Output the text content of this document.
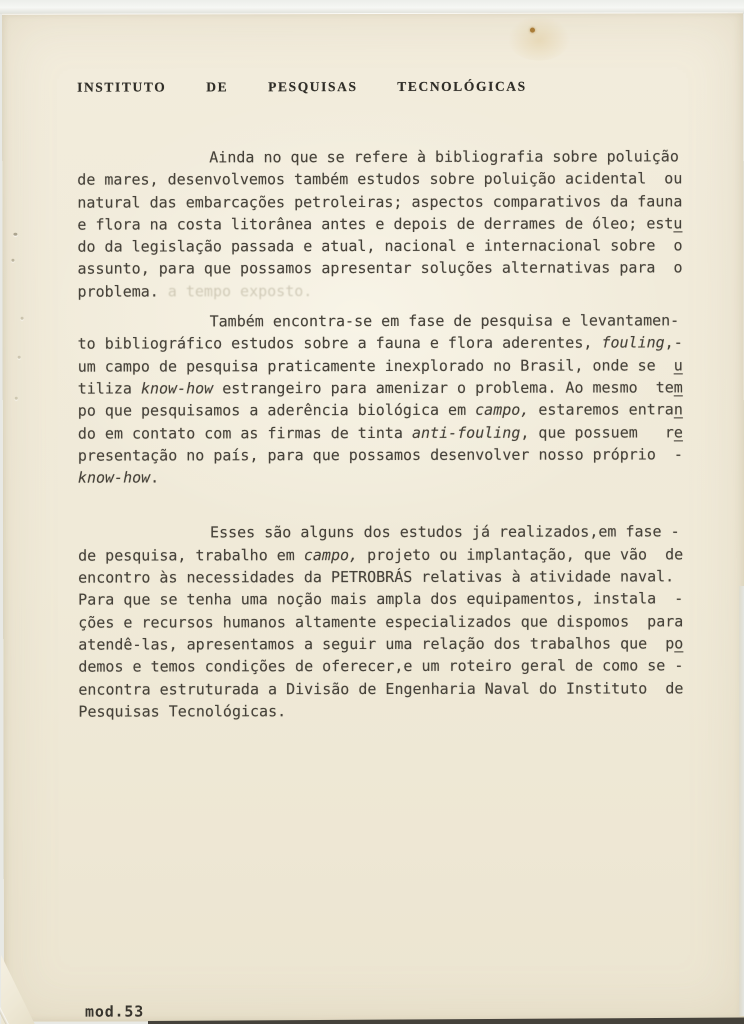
INSTITUTO  DE  PESQUISAS  TECNOLÓGICAS
Ainda no que se refere à bibliografia sobre poluição
de mares, desenvolvemos também estudos sobre poluição acidental  ou
natural das embarcações petroleiras; aspectos comparativos da fauna
e flora na costa litorânea antes e depois de derrames de óleo; estu
do da legislação passada e atual, nacional e internacional sobre  o
assunto, para que possamos apresentar soluções alternativas para  o
problema. a tempo exposto.
Também encontra-se em fase de pesquisa e levantamen-
to bibliográfico estudos sobre a fauna e flora aderentes, fouling,-
um campo de pesquisa praticamente inexplorado no Brasil, onde se  u
tiliza know-how estrangeiro para amenizar o problema. Ao mesmo  tem
po que pesquisamos a aderência biológica em campo, estaremos entran
do em contato com as firmas de tinta anti-fouling, que possuem   re
presentação no país, para que possamos desenvolver nosso próprio  -
know-how.
Esses são alguns dos estudos já realizados,em fase -
de pesquisa, trabalho em campo, projeto ou implantação, que vão  de
encontro às necessidades da PETROBRÁS relativas à atividade naval.
Para que se tenha uma noção mais ampla dos equipamentos, instala  -
ções e recursos humanos altamente especializados que dispomos  para
atendê-las, apresentamos a seguir uma relação dos trabalhos que  po
demos e temos condições de oferecer,e um roteiro geral de como se -
encontra estruturada a Divisão de Engenharia Naval do Instituto  de
Pesquisas Tecnológicas.
mod.53
